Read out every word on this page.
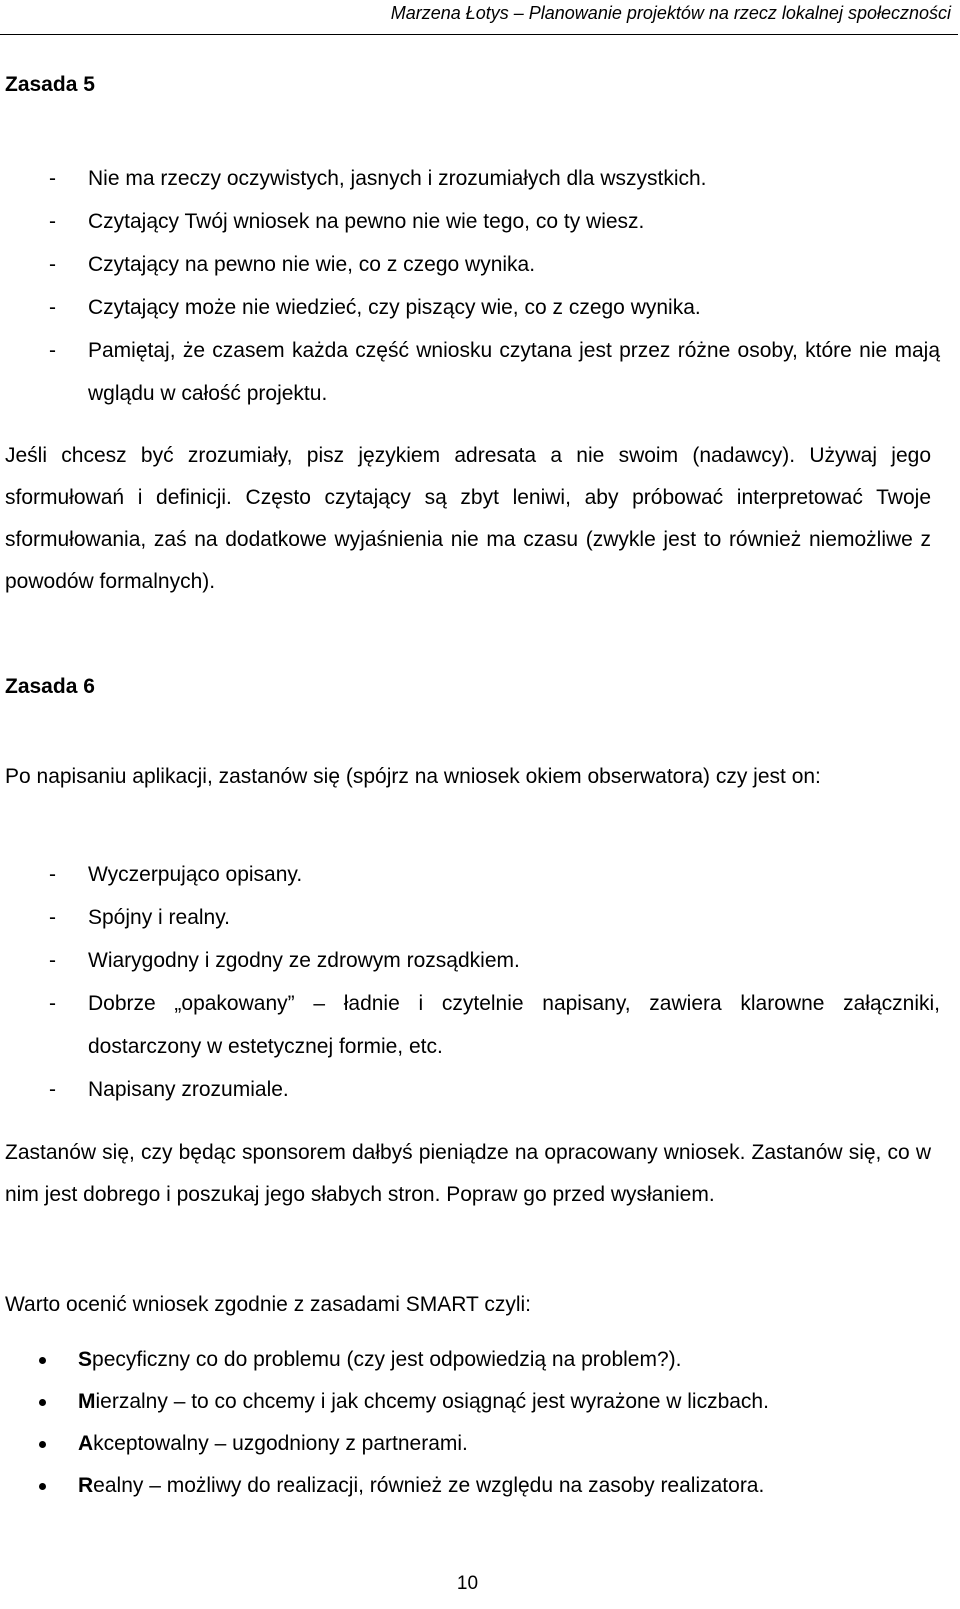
Marzena Łotys – Planowanie projektów na rzecz lokalnej społeczności
Zasada 5
- Nie ma rzeczy oczywistych, jasnych i zrozumiałych dla wszystkich.
- Czytający Twój wniosek na pewno nie wie tego, co ty wiesz.
- Czytający na pewno nie wie, co z czego wynika.
- Czytający może nie wiedzieć, czy piszący wie, co z czego wynika.
- Pamiętaj, że czasem każda część wniosku czytana jest przez różne osoby, które nie mają wglądu w całość projektu.
Jeśli chcesz być zrozumiały, pisz językiem adresata a nie swoim (nadawcy). Używaj jego sformułowań i definicji. Często czytający są zbyt leniwi, aby próbować interpretować Twoje sformułowania, zaś na dodatkowe wyjaśnienia nie ma czasu (zwykle jest to również niemożliwe z powodów formalnych).
Zasada 6
Po napisaniu aplikacji, zastanów się (spójrz na wniosek okiem obserwatora) czy jest on:
- Wyczerpująco opisany.
- Spójny i realny.
- Wiarygodny i zgodny ze zdrowym rozsądkiem.
- Dobrze „opakowany” – ładnie i czytelnie napisany, zawiera klarowne załączniki, dostarczony w estetycznej formie, etc.
- Napisany zrozumiale.
Zastanów się, czy będąc sponsorem dałbyś pieniądze na opracowany wniosek. Zastanów się, co w nim jest dobrego i poszukaj jego słabych stron. Popraw go przed wysłaniem.
Warto ocenić wniosek zgodnie z zasadami SMART czyli:
Specyficzny co do problemu (czy jest odpowiedzią na problem?).
Mierzalny – to co chcemy i jak chcemy osiągnąć jest wyrażone w liczbach.
Akceptowalny – uzgodniony z partnerami.
Realny – możliwy do realizacji, również ze względu na zasoby realizatora.
10
